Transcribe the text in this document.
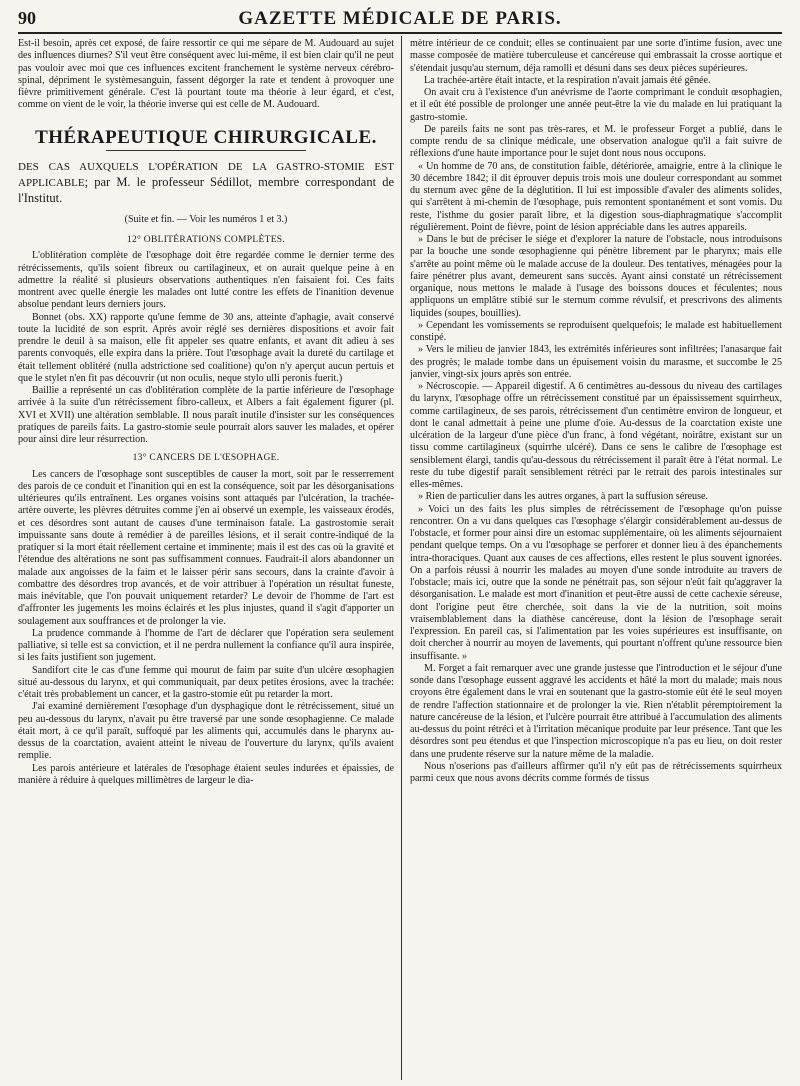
90	GAZETTE MÉDICALE DE PARIS.

Est-il besoin, après cet exposé, de faire ressortir ce qui me sépare de M. Audouard au sujet des influences diurnes? S'il veut être conséquent avec lui-même, il est bien clair qu'il ne peut pas vouloir avec moi que ces influences excitent franchement le système nerveux cérébro-spinal, dépriment le systèmesanguin, fassent dégorger la rate et tendent à provoquer une fièvre primitivement générale. C'est là pourtant toute ma théorie à leur égard, et c'est, comme on vient de le voir, la théorie inverse qui est celle de M. Audouard.

THÉRAPEUTIQUE CHIRURGICALE.

DES CAS AUXQUELS L'OPÉRATION DE LA GASTRO-STOMIE EST APPLICABLE; par M. le professeur Sédillot, membre correspondant de l'Institut.

(Suite et fin. — Voir les numéros 1 et 3.)

12° OBLITÉRATIONS COMPLÈTES.

L'oblitération complète de l'œsophage doit être regardée comme le dernier terme des rétrécissements, qu'ils soient fibreux ou cartilagineux, et on aurait quelque peine à en admettre la réalité si plusieurs observations authentiques n'en faisaient foi. Ces faits montrent avec quelle énergie les malades ont lutté contre les effets de l'inanition devenue absolue pendant leurs derniers jours.

Bonnet (obs. XX) rapporte qu'une femme de 30 ans, atteinte d'aphagie, avait conservé toute la lucidité de son esprit. Après avoir réglé ses dernières dispositions et avoir fait prendre le deuil à sa maison, elle fit appeler ses quatre enfants, et avant dit adieu à ses parents convoqués, elle expira dans la prière. Tout l'œsophage avait la dureté du cartilage et était tellement oblitéré (nulla adstrictione sed coalitione) qu'on n'y aperçut aucun pertuis et que le stylet n'en fit pas découvrir (ut non oculis, neque stylo ulli peronis fuerit.)

Baillie a représenté un cas d'oblitération complète de la partie inférieure de l'œsophage arrivée à la suite d'un rétrécissement fibro-calleux, et Albers a fait également figurer (pl. XVI et XVII) une altération semblable. Il nous paraît inutile d'insister sur les conséquences pratiques de pareils faits. La gastro-stomie seule pourrait alors sauver les malades, et opérer pour ainsi dire leur résurrection.

13° CANCERS DE L'ŒSOPHAGE.

Les cancers de l'œsophage sont susceptibles de causer la mort, soit par le resserrement des parois de ce conduit et l'inanition qui en est la conséquence, soit par les désorganisations ultérieures qu'ils entraînent. Les organes voisins sont attaqués par l'ulcération, la trachée-artère ouverte, les plèvres détruites comme j'en ai observé un exemple, les vaisseaux érodés, et ces désordres sont autant de causes d'une terminaison fatale. La gastrostomie serait impuissante sans doute à remédier à de pareilles lésions, et il serait contre-indiqué de la pratiquer si la mort était réellement certaine et imminente; mais il est des cas où la gravité et l'étendue des altérations ne sont pas suffisamment connues. Faudrait-il alors abandonner un malade aux angoisses de la faim et le laisser périr sans secours, dans la crainte d'avoir à combattre des désordres trop avancés, et de voir attribuer à l'opération un résultat funeste, mais inévitable, que l'on pouvait uniquement retarder? Le devoir de l'homme de l'art est d'affronter les jugements les moins éclairés et les plus injustes, quand il s'agit d'apporter un soulagement aux souffrances et de prolonger la vie.

La prudence commande à l'homme de l'art de déclarer que l'opération sera seulement palliative, si telle est sa conviction, et il ne perdra nullement la confiance qu'il aura inspirée, si les faits justifient son jugement.

Sandifort cite le cas d'une femme qui mourut de faim par suite d'un ulcère œsophagien situé au-dessous du larynx, et qui communiquait, par deux petites érosions, avec la trachée: c'était très probablement un cancer, et la gastro-stomie eût pu retarder la mort.

J'ai examiné dernièrement l'œsophage d'un dysphagique dont le rétrécissement, situé un peu au-dessous du larynx, n'avait pu être traversé par une sonde œsophagienne. Ce malade était mort, à ce qu'il paraît, suffoqué par les aliments qui, accumulés dans le pharynx au-dessus de la coarctation, avaient atteint le niveau de l'ouverture du larynx, qu'ils avaient remplie.

Les parois antérieure et latérales de l'œsophage étaient seules indurées et épaissies, de manière à réduire à quelques millimètres de largeur le dia-

mètre intérieur de ce conduit; elles se continuaient par une sorte d'intime fusion, avec une masse composée de matière tuberculeuse et cancéreuse qui embrassait la crosse aortique et s'étendait jusqu'au sternum, déja ramolli et désuni dans ses deux pièces supérieures.

La trachée-artère était intacte, et la respiration n'avait jamais été gênée.

On avait cru à l'existence d'un anévrisme de l'aorte comprimant le conduit œsophagien, et il eût été possible de prolonger une année peut-être la vie du malade en lui pratiquant la gastro-stomie.

De pareils faits ne sont pas très-rares, et M. le professeur Forget a publié, dans le compte rendu de sa clinique médicale, une observation analogue qu'il a fait suivre de réflexions d'une haute importance pour le sujet dont nous nous occupons.

« Un homme de 70 ans, de constitution faible, détériorée, amaigrie, entre à la clinique le 30 décembre 1842; il dit éprouver depuis trois mois une douleur correspondant au sommet du sternum avec gêne de la déglutition. Il lui est impossible d'avaler des aliments solides, qui s'arrêtent à mi-chemin de l'œsophage, puis remontent spontanément et sont vomis. Du reste, l'isthme du gosier paraît libre, et la digestion sous-diaphragmatique s'accomplit régulièrement. Point de fièvre, point de lésion appréciable dans les autres appareils.

» Dans le but de préciser le siége et d'explorer la nature de l'obstacle, nous introduisons par la bouche une sonde œsophagienne qui pénètre librement par le pharynx; mais elle s'arrête au point même où le malade accuse de la douleur. Des tentatives, ménagées pour la faire pénétrer plus avant, demeurent sans succès. Ayant ainsi constaté un rétrécissement organique, nous mettons le malade à l'usage des boissons douces et féculentes; nous appliquons un emplâtre stibié sur le sternum comme révulsif, et prescrivons des aliments liquides (soupes, bouillies).

» Cependant les vomissements se reproduisent quelquefois; le malade est habituellement constipé.

» Vers le milieu de janvier 1843, les extrémités inférieures sont infiltrées; l'anasarque fait des progrès; le malade tombe dans un épuisement voisin du marasme, et succombe le 25 janvier, vingt-six jours après son entrée.

» Nécroscopie. — Appareil digestif. A 6 centimètres au-dessous du niveau des cartilages du larynx, l'œsophage offre un rétrécissement constitué par un épaississement squirrheux, comme cartilagineux, de ses parois, rétrécissement d'un centimètre environ de longueur, et dont le canal admettait à peine une plume d'oie. Au-dessus de la coarctation existe une ulcération de la largeur d'une pièce d'un franc, à fond végétant, noirâtre, existant sur un tissu comme cartilagineux (squirrhe ulcéré). Dans ce sens le calibre de l'œsophage est sensiblement élargi, tandis qu'au-dessous du rétrécissement il paraît être à l'état normal. Le reste du tube digestif paraît sensiblement rétréci par le retrait des parois intestinales sur elles-mêmes.

» Rien de particulier dans les autres organes, à part la suffusion séreuse.

» Voici un des faits les plus simples de rétrécissement de l'œsophage qu'on puisse rencontrer. On a vu dans quelques cas l'œsophage s'élargir considérablement au-dessus de l'obstacle, et former pour ainsi dire un estomac supplémentaire, où les aliments séjournaient pendant quelque temps. On a vu l'œsophage se perforer et donner lieu à des épanchements intra-thoraciques. Quant aux causes de ces affections, elles restent le plus souvent ignorées. On a parfois réussi à nourrir les malades au moyen d'une sonde introduite au travers de l'obstacle; mais ici, outre que la sonde ne pénétrait pas, son séjour n'eût fait qu'aggraver la désorganisation. Le malade est mort d'inanition et peut-être aussi de cette cachexie séreuse, dont l'origine peut être cherchée, soit dans la vie de la nutrition, soit moins vraisemblablement dans la diathèse cancéreuse, dont la lésion de l'œsophage serait l'expression. En pareil cas, si l'alimentation par les voies supérieures est insuffisante, on doit chercher à nourrir au moyen de lavements, qui pourtant n'offrent qu'une ressource bien insuffisante. »

M. Forget a fait remarquer avec une grande justesse que l'introduction et le séjour d'une sonde dans l'œsophage eussent aggravé les accidents et hâté la mort du malade; mais nous croyons être également dans le vrai en soutenant que la gastro-stomie eût été le seul moyen de rendre l'affection stationnaire et de prolonger la vie. Rien n'établit péremptoirement la nature cancéreuse de la lésion, et l'ulcère pourrait être attribué à l'accumulation des aliments au-dessus du point rétréci et à l'irritation mécanique produite par leur présence. Tant que les désordres sont peu étendus et que l'inspection microscopique n'a pas eu lieu, on doit rester dans une prudente réserve sur la nature même de la maladie.

Nous n'oserions pas d'ailleurs affirmer qu'il n'y eût pas de rétrécissements squirrheux parmi ceux que nous avons décrits comme formés de tissus
